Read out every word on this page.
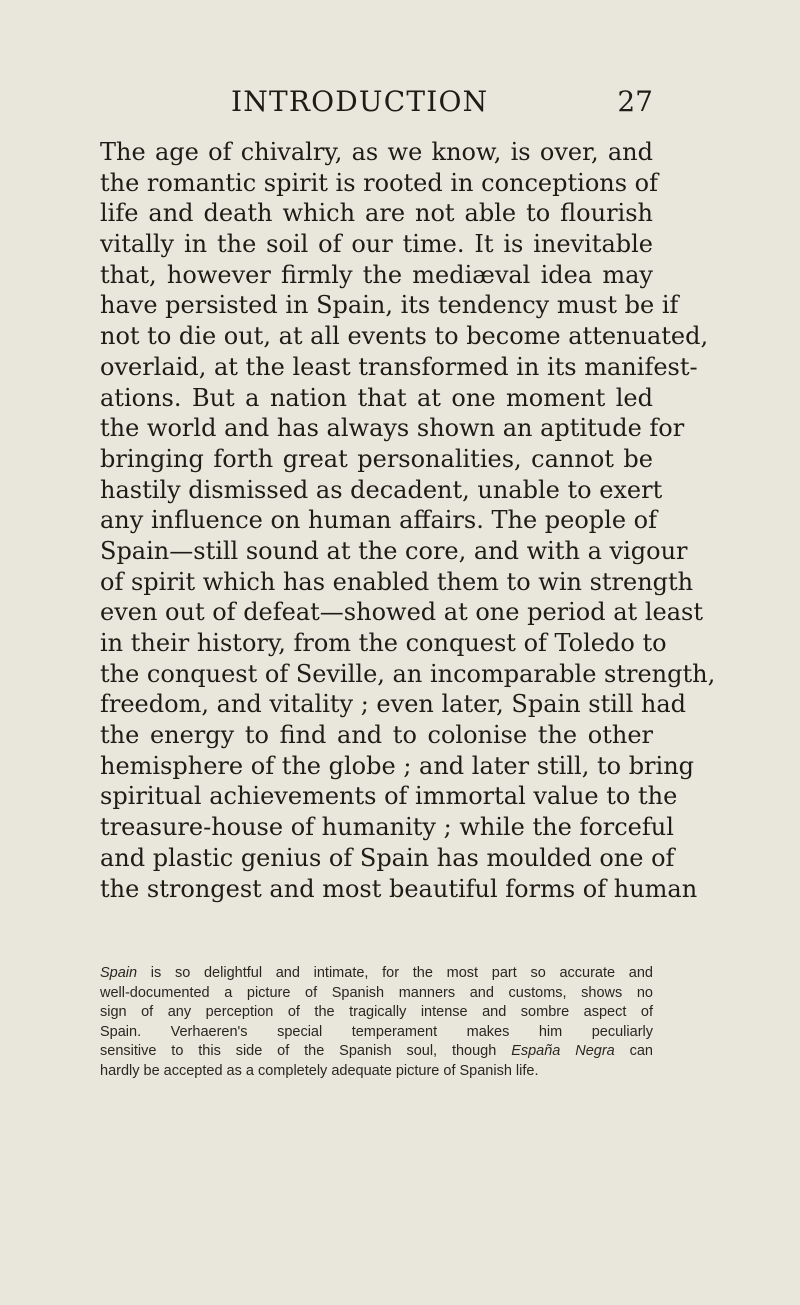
INTRODUCTION	27
The age of chivalry, as we know, is over, and
the romantic spirit is rooted in conceptions of
life and death which are not able to flourish
vitally in the soil of our time. It is inevitable
that, however firmly the mediæval idea may
have persisted in Spain, its tendency must be if
not to die out, at all events to become attenuated,
overlaid, at the least transformed in its manifest-
ations. But a nation that at one moment led
the world and has always shown an aptitude for
bringing forth great personalities, cannot be
hastily dismissed as decadent, unable to exert
any influence on human affairs. The people of
Spain—still sound at the core, and with a vigour
of spirit which has enabled them to win strength
even out of defeat—showed at one period at least
in their history, from the conquest of Toledo to
the conquest of Seville, an incomparable strength,
freedom, and vitality ; even later, Spain still had
the energy to find and to colonise the other
hemisphere of the globe ; and later still, to bring
spiritual achievements of immortal value to the
treasure-house of humanity ; while the forceful
and plastic genius of Spain has moulded one of
the strongest and most beautiful forms of human
Spain is so delightful and intimate, for the most part so accurate and
well-documented a picture of Spanish manners and customs, shows no
sign of any perception of the tragically intense and sombre aspect of
Spain. Verhaeren's special temperament makes him peculiarly
sensitive to this side of the Spanish soul, though España Negra can
hardly be accepted as a completely adequate picture of Spanish life.
